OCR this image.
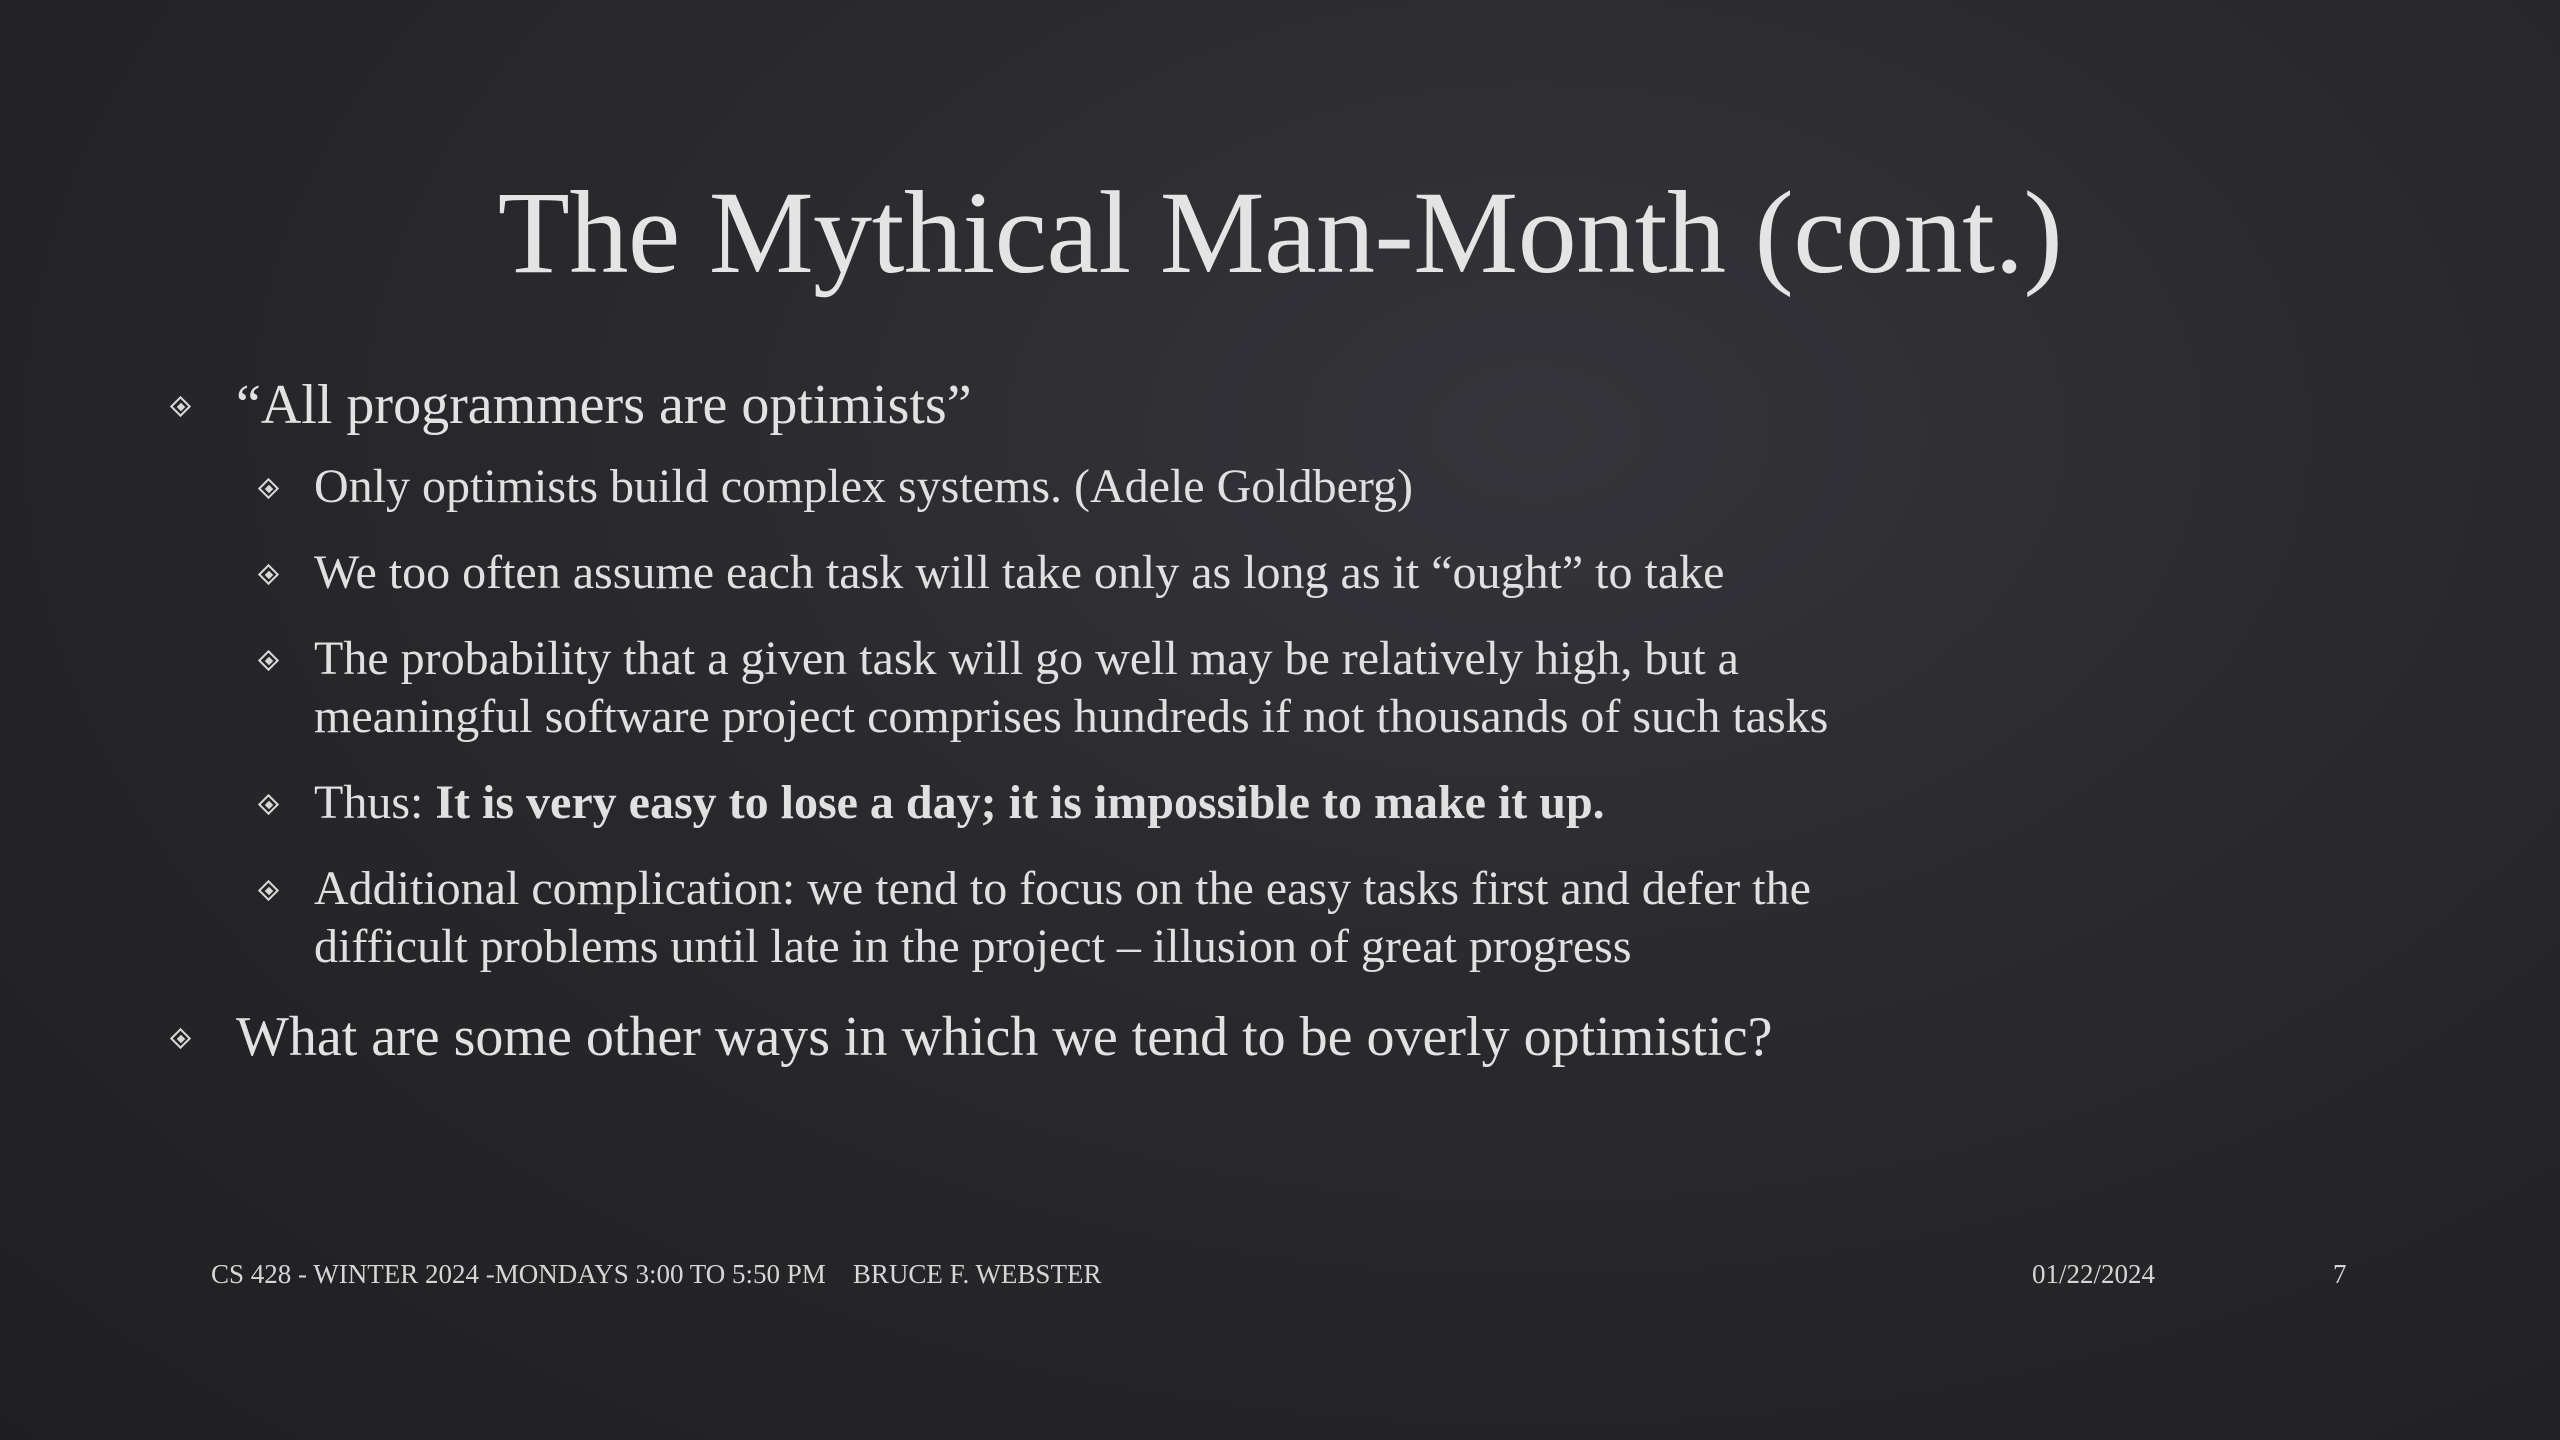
The Mythical Man-Month (cont.)
“All programmers are optimists”
Only optimists build complex systems. (Adele Goldberg)
We too often assume each task will take only as long as it “ought” to take
The probability that a given task will go well may be relatively high, but a
meaningful software project comprises hundreds if not thousands of such tasks
Thus: It is very easy to lose a day; it is impossible to make it up.
Additional complication: we tend to focus on the easy tasks first and defer the
difficult problems until late in the project – illusion of great progress
What are some other ways in which we tend to be overly optimistic?
CS 428 - WINTER 2024 -MONDAYS 3:00 TO 5:50 PM    BRUCE F. WEBSTER	01/22/2024	7
